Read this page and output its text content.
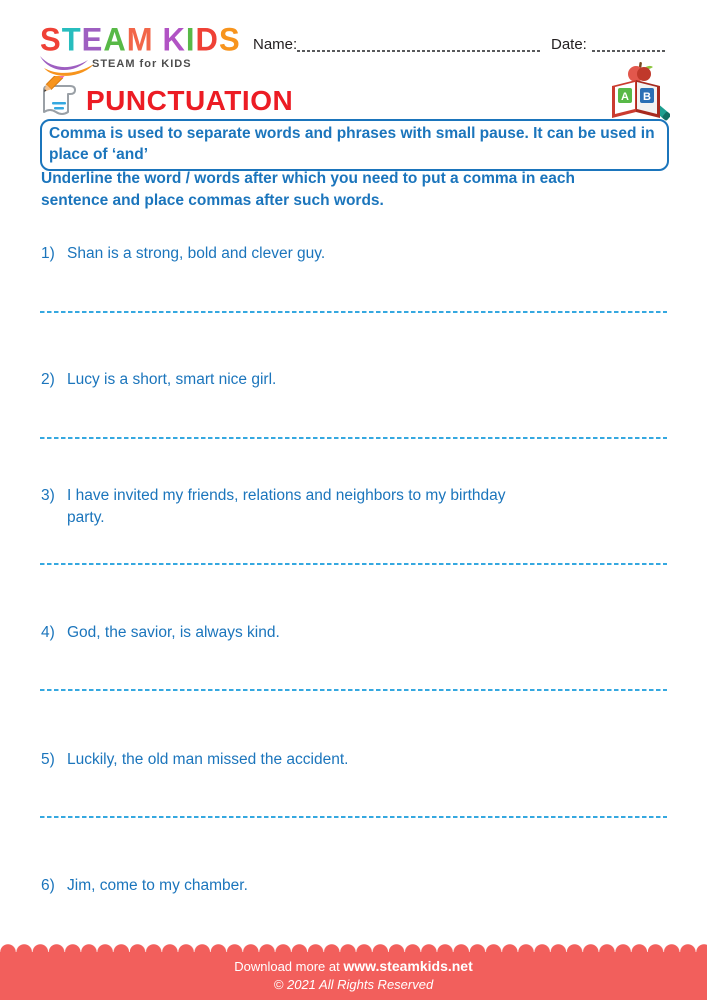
STEAM KIDS
STEAM for KIDS
Name:	Date:
A B
PUNCTUATION
Comma is used to separate words and phrases with small pause. It can be used in place of ‘and’
Underline the word / words after which you need to put a comma in each sentence and place commas after such words.
1) Shan is a strong, bold and clever guy.
2) Lucy is a short, smart nice girl.
3) I have invited my friends, relations and neighbors to my birthday party.
4) God, the savior, is always kind.
5) Luckily, the old man missed the accident.
6) Jim, come to my chamber.
Download more at www.steamkids.net
© 2021 All Rights Reserved
